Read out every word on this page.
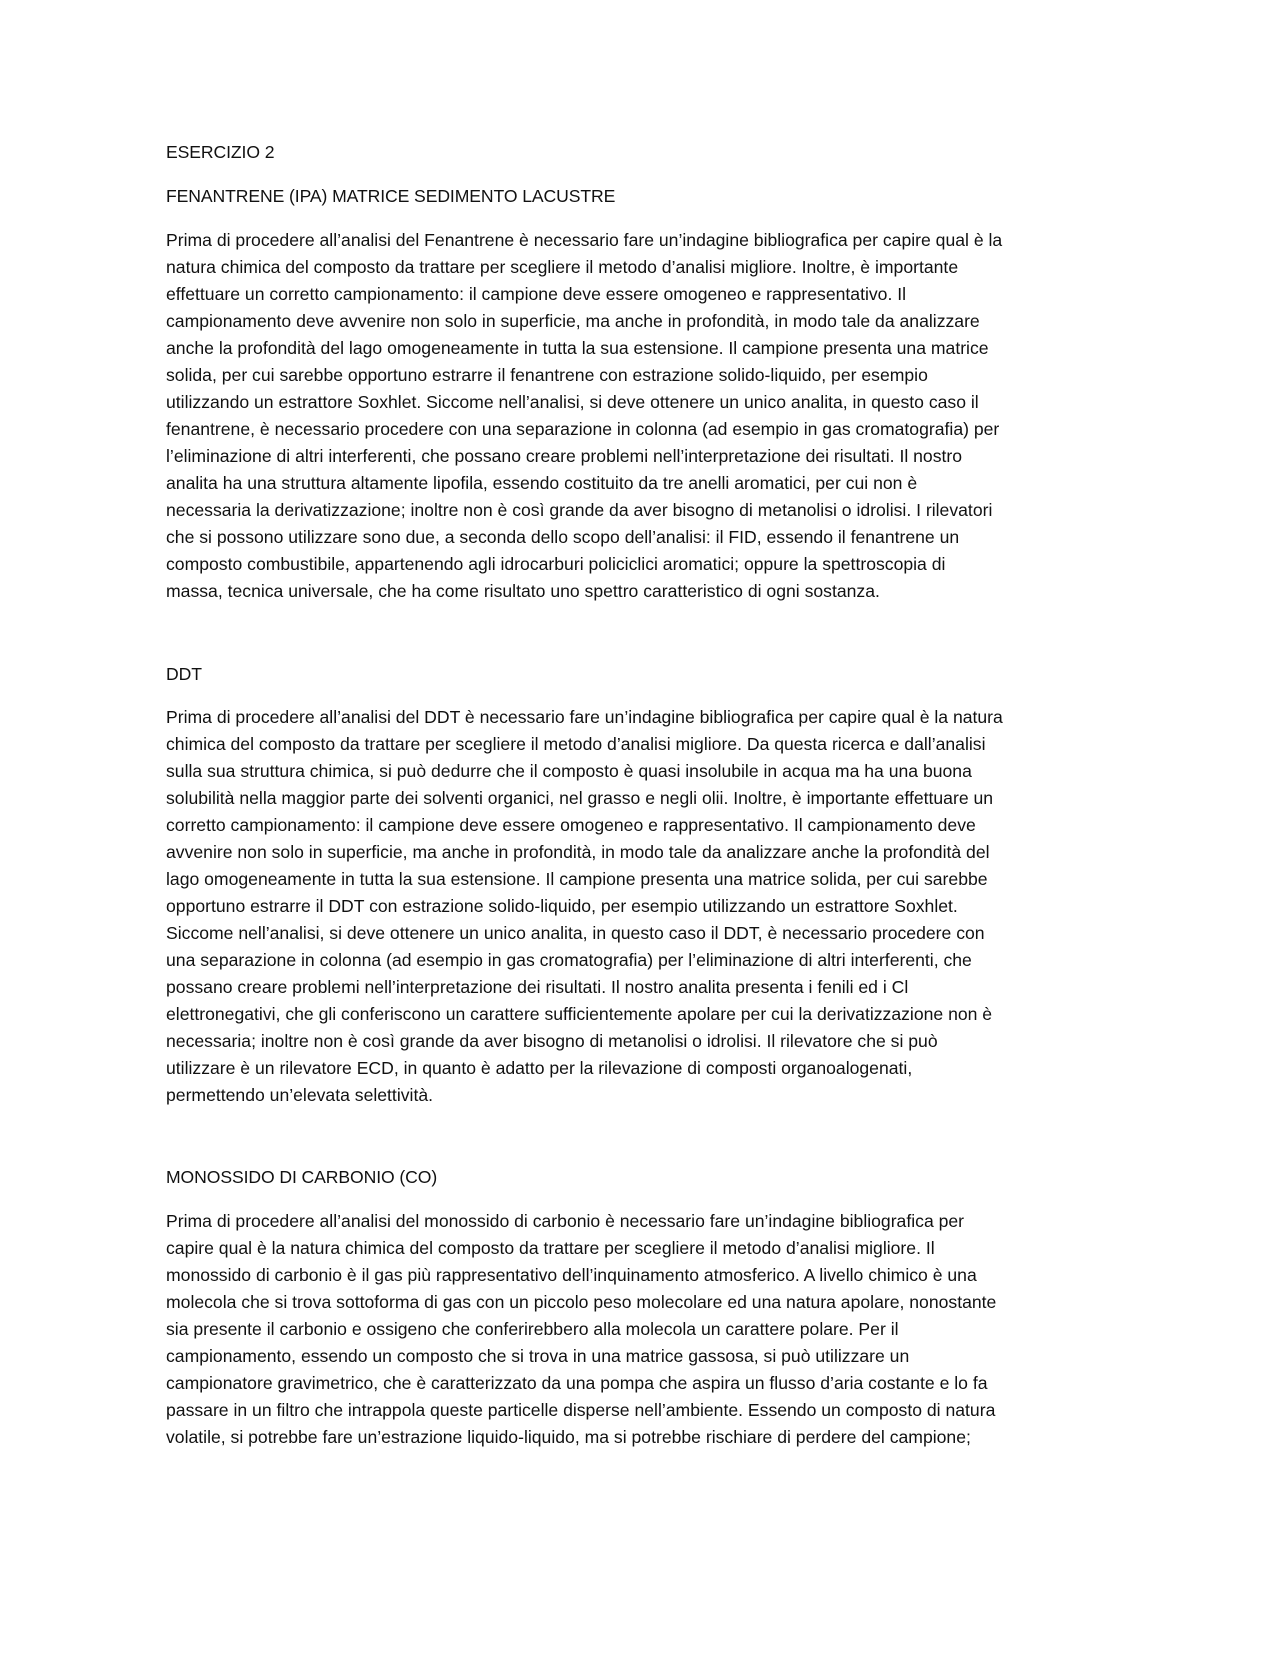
ESERCIZIO 2
FENANTRENE (IPA) MATRICE SEDIMENTO LACUSTRE
Prima di procedere all’analisi del Fenantrene è necessario fare un’indagine bibliografica per capire qual è la
natura chimica del composto da trattare per scegliere il metodo d’analisi migliore. Inoltre, è importante
effettuare un corretto campionamento: il campione deve essere omogeneo e rappresentativo. Il
campionamento deve avvenire non solo in superficie, ma anche in profondità, in modo tale da analizzare
anche la profondità del lago omogeneamente in tutta la sua estensione. Il campione presenta una matrice
solida, per cui sarebbe opportuno estrarre il fenantrene con estrazione solido-liquido, per esempio
utilizzando un estrattore Soxhlet. Siccome nell’analisi, si deve ottenere un unico analita, in questo caso il
fenantrene, è necessario procedere con una separazione in colonna (ad esempio in gas cromatografia) per
l’eliminazione di altri interferenti, che possano creare problemi nell’interpretazione dei risultati. Il nostro
analita ha una struttura altamente lipofila, essendo costituito da tre anelli aromatici, per cui non è
necessaria la derivatizzazione; inoltre non è così grande da aver bisogno di metanolisi o idrolisi. I rilevatori
che si possono utilizzare sono due, a seconda dello scopo dell’analisi: il FID, essendo il fenantrene un
composto combustibile, appartenendo agli idrocarburi policiclici aromatici; oppure la spettroscopia di
massa, tecnica universale, che ha come risultato uno spettro caratteristico di ogni sostanza.
DDT
Prima di procedere all’analisi del DDT è necessario fare un’indagine bibliografica per capire qual è la natura
chimica del composto da trattare per scegliere il metodo d’analisi migliore. Da questa ricerca e dall’analisi
sulla sua struttura chimica, si può dedurre che il composto è quasi insolubile in acqua ma ha una buona
solubilità nella maggior parte dei solventi organici, nel grasso e negli olii. Inoltre, è importante effettuare un
corretto campionamento: il campione deve essere omogeneo e rappresentativo. Il campionamento deve
avvenire non solo in superficie, ma anche in profondità, in modo tale da analizzare anche la profondità del
lago omogeneamente in tutta la sua estensione. Il campione presenta una matrice solida, per cui sarebbe
opportuno estrarre il DDT con estrazione solido-liquido, per esempio utilizzando un estrattore Soxhlet.
Siccome nell’analisi, si deve ottenere un unico analita, in questo caso il DDT, è necessario procedere con
una separazione in colonna (ad esempio in gas cromatografia) per l’eliminazione di altri interferenti, che
possano creare problemi nell’interpretazione dei risultati. Il nostro analita presenta i fenili ed i Cl
elettronegativi, che gli conferiscono un carattere sufficientemente apolare per cui la derivatizzazione non è
necessaria; inoltre non è così grande da aver bisogno di metanolisi o idrolisi. Il rilevatore che si può
utilizzare è un rilevatore ECD, in quanto è adatto per la rilevazione di composti organoalogenati,
permettendo un’elevata selettività.
MONOSSIDO DI CARBONIO (CO)
Prima di procedere all’analisi del monossido di carbonio è necessario fare un’indagine bibliografica per
capire qual è la natura chimica del composto da trattare per scegliere il metodo d’analisi migliore. Il
monossido di carbonio è il gas più rappresentativo dell’inquinamento atmosferico. A livello chimico è una
molecola che si trova sottoforma di gas con un piccolo peso molecolare ed una natura apolare, nonostante
sia presente il carbonio e ossigeno che conferirebbero alla molecola un carattere polare. Per il
campionamento, essendo un composto che si trova in una matrice gassosa, si può utilizzare un
campionatore gravimetrico, che è caratterizzato da una pompa che aspira un flusso d’aria costante e lo fa
passare in un filtro che intrappola queste particelle disperse nell’ambiente. Essendo un composto di natura
volatile, si potrebbe fare un’estrazione liquido-liquido, ma si potrebbe rischiare di perdere del campione;
